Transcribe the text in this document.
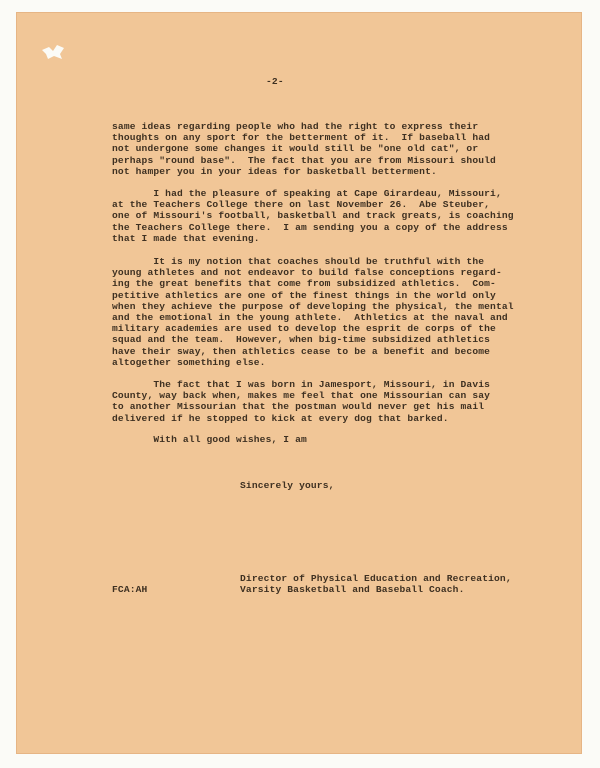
-2-
same ideas regarding people who had the right to express their
thoughts on any sport for the betterment of it.  If baseball had
not undergone some changes it would still be "one old cat", or
perhaps "round base".  The fact that you are from Missouri should
not hamper you in your ideas for basketball betterment.
I had the pleasure of speaking at Cape Girardeau, Missouri,
at the Teachers College there on last November 26.  Abe Steuber,
one of Missouri's football, basketball and track greats, is coaching
the Teachers College there.  I am sending you a copy of the address
that I made that evening.
It is my notion that coaches should be truthful with the
young athletes and not endeavor to build false conceptions regard-
ing the great benefits that come from subsidized athletics.  Com-
petitive athletics are one of the finest things in the world only
when they achieve the purpose of developing the physical, the mental
and the emotional in the young athlete.  Athletics at the naval and
military academies are used to develop the esprit de corps of the
squad and the team.  However, when big-time subsidized athletics
have their sway, then athletics cease to be a benefit and become
altogether something else.
The fact that I was born in Jamesport, Missouri, in Davis
County, way back when, makes me feel that one Missourian can say
to another Missourian that the postman would never get his mail
delivered if he stopped to kick at every dog that barked.
With all good wishes, I am
Sincerely yours,
Director of Physical Education and Recreation,
Varsity Basketball and Baseball Coach.
FCA:AH
